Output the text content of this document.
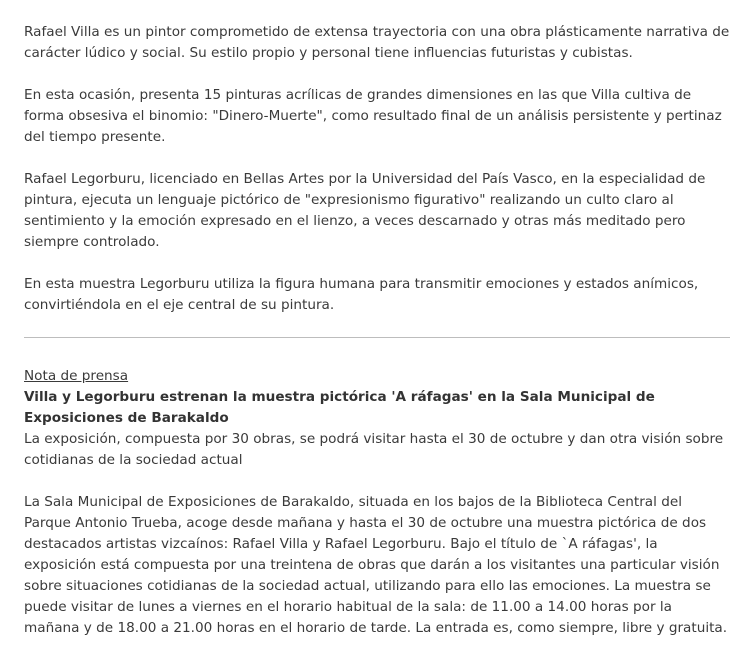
Rafael Villa es un pintor comprometido de extensa trayectoria con una obra plásticamente narrativa de carácter lúdico y social. Su estilo propio y personal tiene influencias futuristas y cubistas.

En esta ocasión, presenta 15 pinturas acrílicas de grandes dimensiones en las que Villa cultiva de forma obsesiva el binomio: "Dinero-Muerte", como resultado final de un análisis persistente y pertinaz del tiempo presente.

Rafael Legorburu, licenciado en Bellas Artes por la Universidad del País Vasco, en la especialidad de pintura, ejecuta un lenguaje pictórico de "expresionismo figurativo" realizando un culto claro al sentimiento y la emoción expresado en el lienzo, a veces descarnado y otras más meditado pero siempre controlado.

En esta muestra Legorburu utiliza la figura humana para transmitir emociones y estados anímicos, convirtiéndola en el eje central de su pintura.

Nota de prensa
Villa y Legorburu estrenan la muestra pictórica 'A ráfagas' en la Sala Municipal de Exposiciones de Barakaldo
La exposición, compuesta por 30 obras, se podrá visitar hasta el 30 de octubre y dan otra visión sobre cotidianas de la sociedad actual

La Sala Municipal de Exposiciones de Barakaldo, situada en los bajos de la Biblioteca Central del Parque Antonio Trueba, acoge desde mañana y hasta el 30 de octubre una muestra pictórica de dos destacados artistas vizcaínos: Rafael Villa y Rafael Legorburu. Bajo el título de `A ráfagas', la exposición está compuesta por una treintena de obras que darán a los visitantes una particular visión sobre situaciones cotidianas de la sociedad actual, utilizando para ello las emociones. La muestra se puede visitar de lunes a viernes en el horario habitual de la sala: de 11.00 a 14.00 horas por la mañana y de 18.00 a 21.00 horas en el horario de tarde. La entrada es, como siempre, libre y gratuita.
